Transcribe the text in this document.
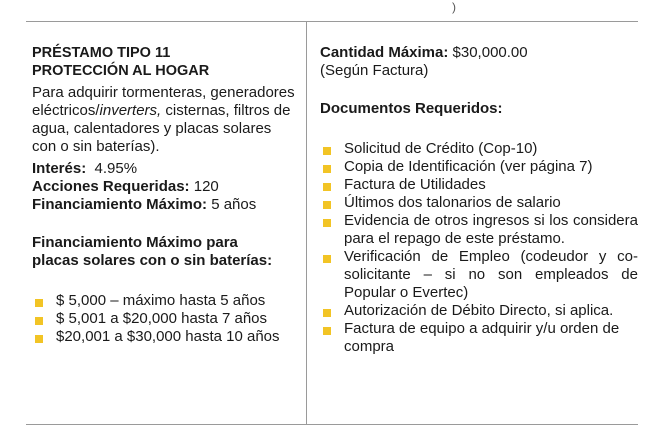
)
PRÉSTAMO TIPO 11
PROTECCIÓN AL HOGAR
Para adquirir tormenteras, generadores eléctricos/inverters, cisternas, filtros de agua, calentadores y placas solares con o sin baterías).
Interés: 4.95%
Acciones Requeridas: 120
Financiamiento Máximo: 5 años
Financiamiento Máximo para
placas solares con o sin baterías:
$ 5,000 – máximo hasta 5 años
$ 5,001 a $20,000 hasta 7 años
$20,001 a $30,000 hasta 10 años
Cantidad Máxima: $30,000.00
(Según Factura)
Documentos Requeridos:
Solicitud de Crédito (Cop-10)
Copia de Identificación (ver página 7)
Factura de Utilidades
Últimos dos talonarios de salario
Evidencia de otros ingresos si los considera para el repago de este préstamo.
Verificación de Empleo (codeudor y co-solicitante – si no son empleados de Popular o Evertec)
Autorización de Débito Directo, si aplica.
Factura de equipo a adquirir y/u orden de compra
